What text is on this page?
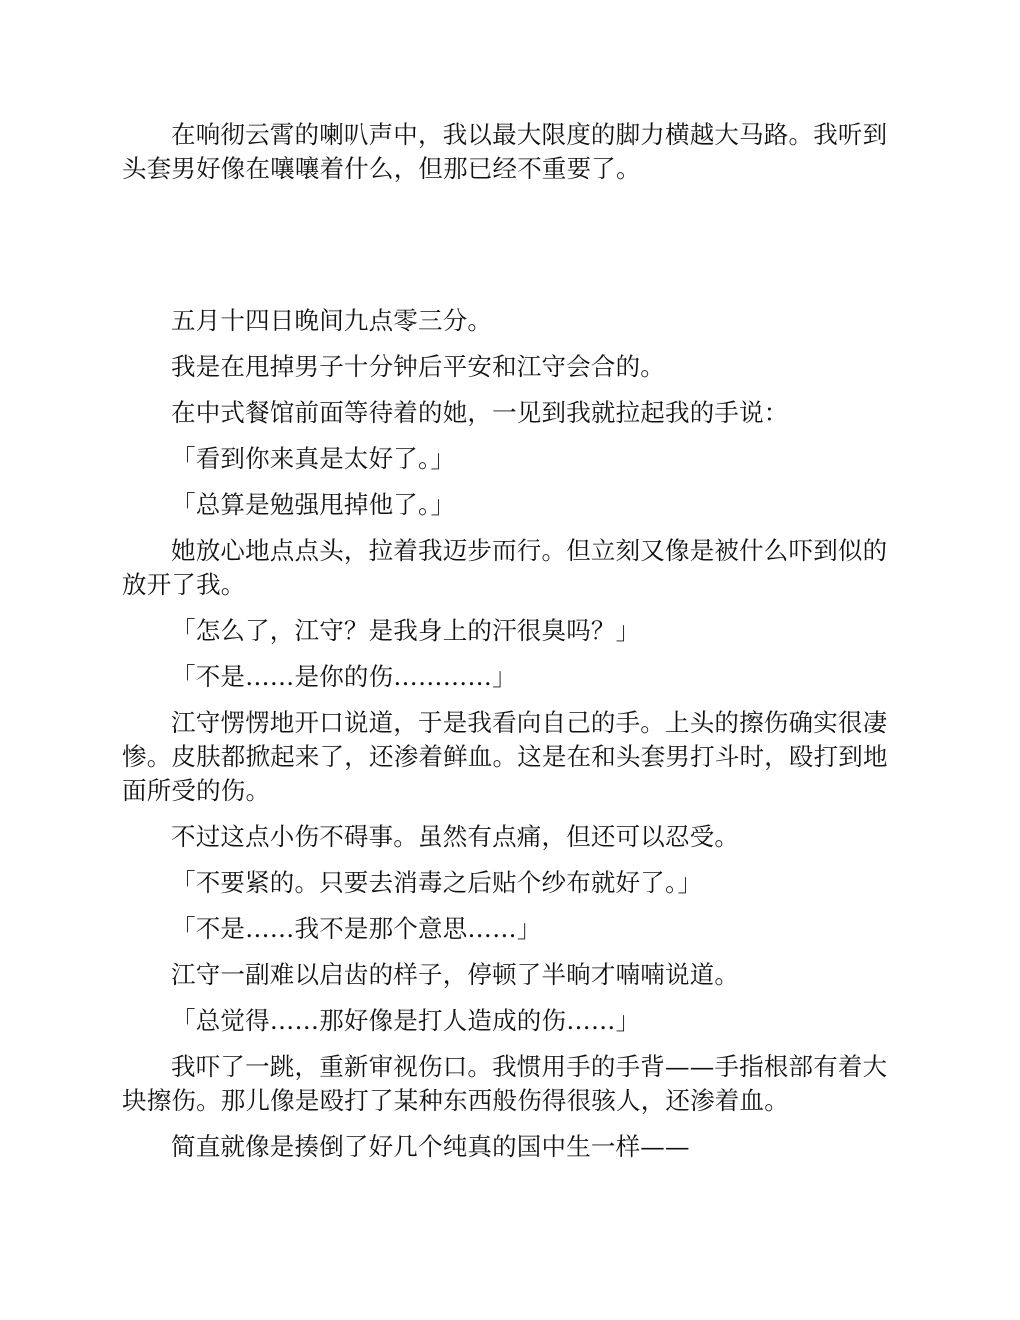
在响彻云霄的喇叭声中，我以最大限度的脚力横越大马路。我听到头套男好像在嚷嚷着什么，但那已经不重要了。

五月十四日晚间九点零三分。

我是在甩掉男子十分钟后平安和江守会合的。

在中式餐馆前面等待着的她，一见到我就拉起我的手说：

「看到你来真是太好了。」

「总算是勉强甩掉他了。」

她放心地点点头，拉着我迈步而行。但立刻又像是被什么吓到似的放开了我。

「怎么了，江守？是我身上的汗很臭吗？」

「不是……是你的伤…………」

江守愣愣地开口说道，于是我看向自己的手。上头的擦伤确实很凄惨。皮肤都掀起来了，还渗着鲜血。这是在和头套男打斗时，殴打到地面所受的伤。

不过这点小伤不碍事。虽然有点痛，但还可以忍受。

「不要紧的。只要去消毒之后贴个纱布就好了。」

「不是……我不是那个意思……」

江守一副难以启齿的样子，停顿了半晌才喃喃说道。

「总觉得……那好像是打人造成的伤……」

我吓了一跳，重新审视伤口。我惯用手的手背——手指根部有着大块擦伤。那儿像是殴打了某种东西般伤得很骇人，还渗着血。

简直就像是揍倒了好几个纯真的国中生一样——
